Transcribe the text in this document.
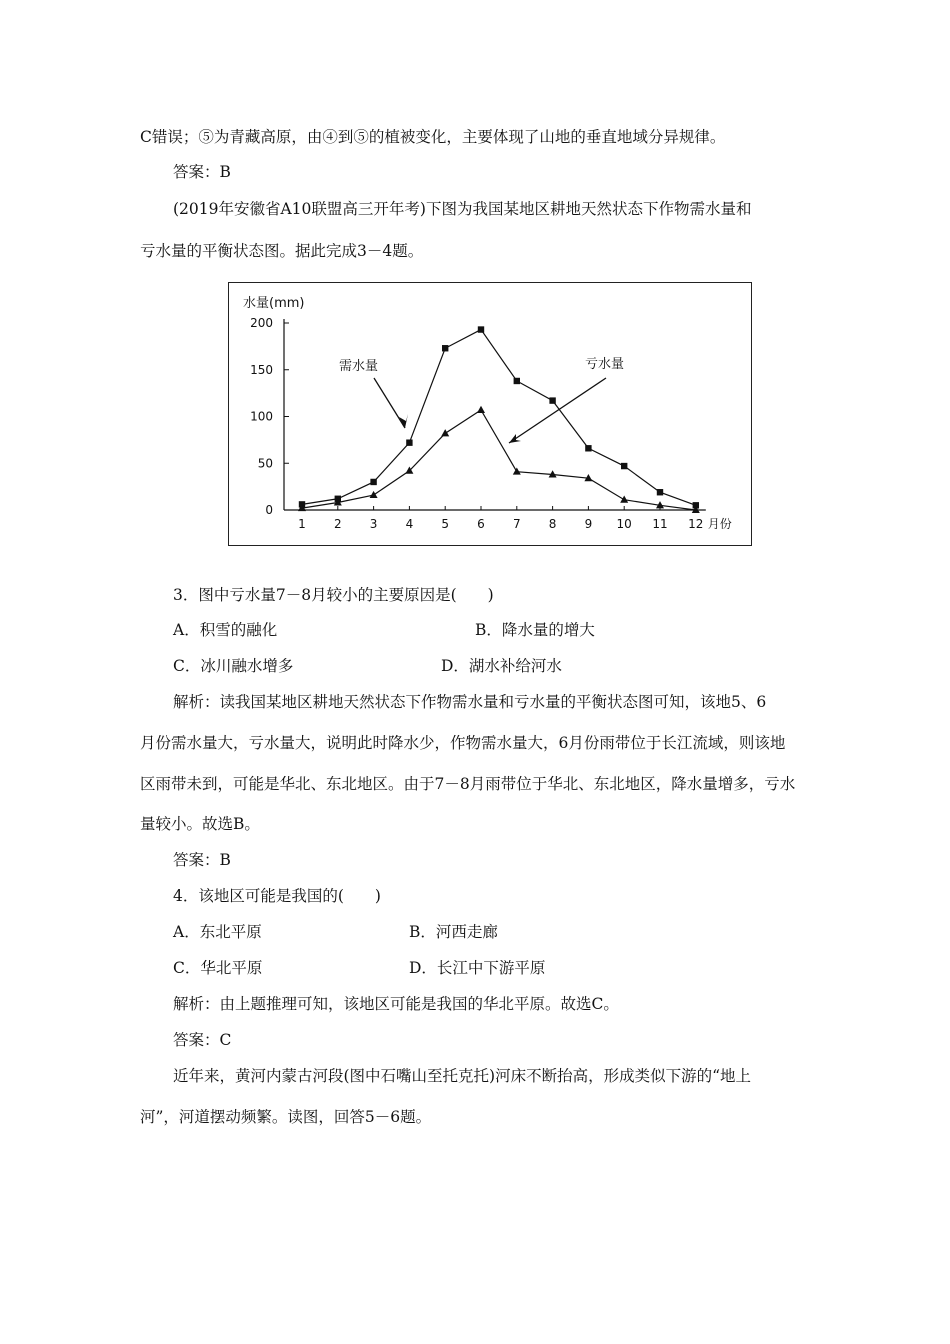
C错误；⑤为青藏高原，由④到⑤的植被变化，主要体现了山地的垂直地域分异规律。
答案：B
(2019年安徽省A10联盟高三开年考)下图为我国某地区耕地天然状态下作物需水量和
亏水量的平衡状态图。据此完成3－4题。
水量(mm)
需水量	亏水量
0
50
100
150
200
1 2 3 4 5 6 7 8 9 10 11 12 月份
3．图中亏水量7－8月较小的主要原因是(　　)
A．积雪的融化	B．降水量的增大
C．冰川融水增多	D．湖水补给河水
解析：读我国某地区耕地天然状态下作物需水量和亏水量的平衡状态图可知，该地5、6
月份需水量大，亏水量大，说明此时降水少，作物需水量大，6月份雨带位于长江流域，则该地
区雨带未到，可能是华北、东北地区。由于7－8月雨带位于华北、东北地区，降水量增多，亏水
量较小。故选B。
答案：B
4．该地区可能是我国的(　　)
A．东北平原	B．河西走廊
C．华北平原	D．长江中下游平原
解析：由上题推理可知，该地区可能是我国的华北平原。故选C。
答案：C
近年来，黄河内蒙古河段(图中石嘴山至托克托)河床不断抬高，形成类似下游的“地上
河”，河道摆动频繁。读图，回答5－6题。
